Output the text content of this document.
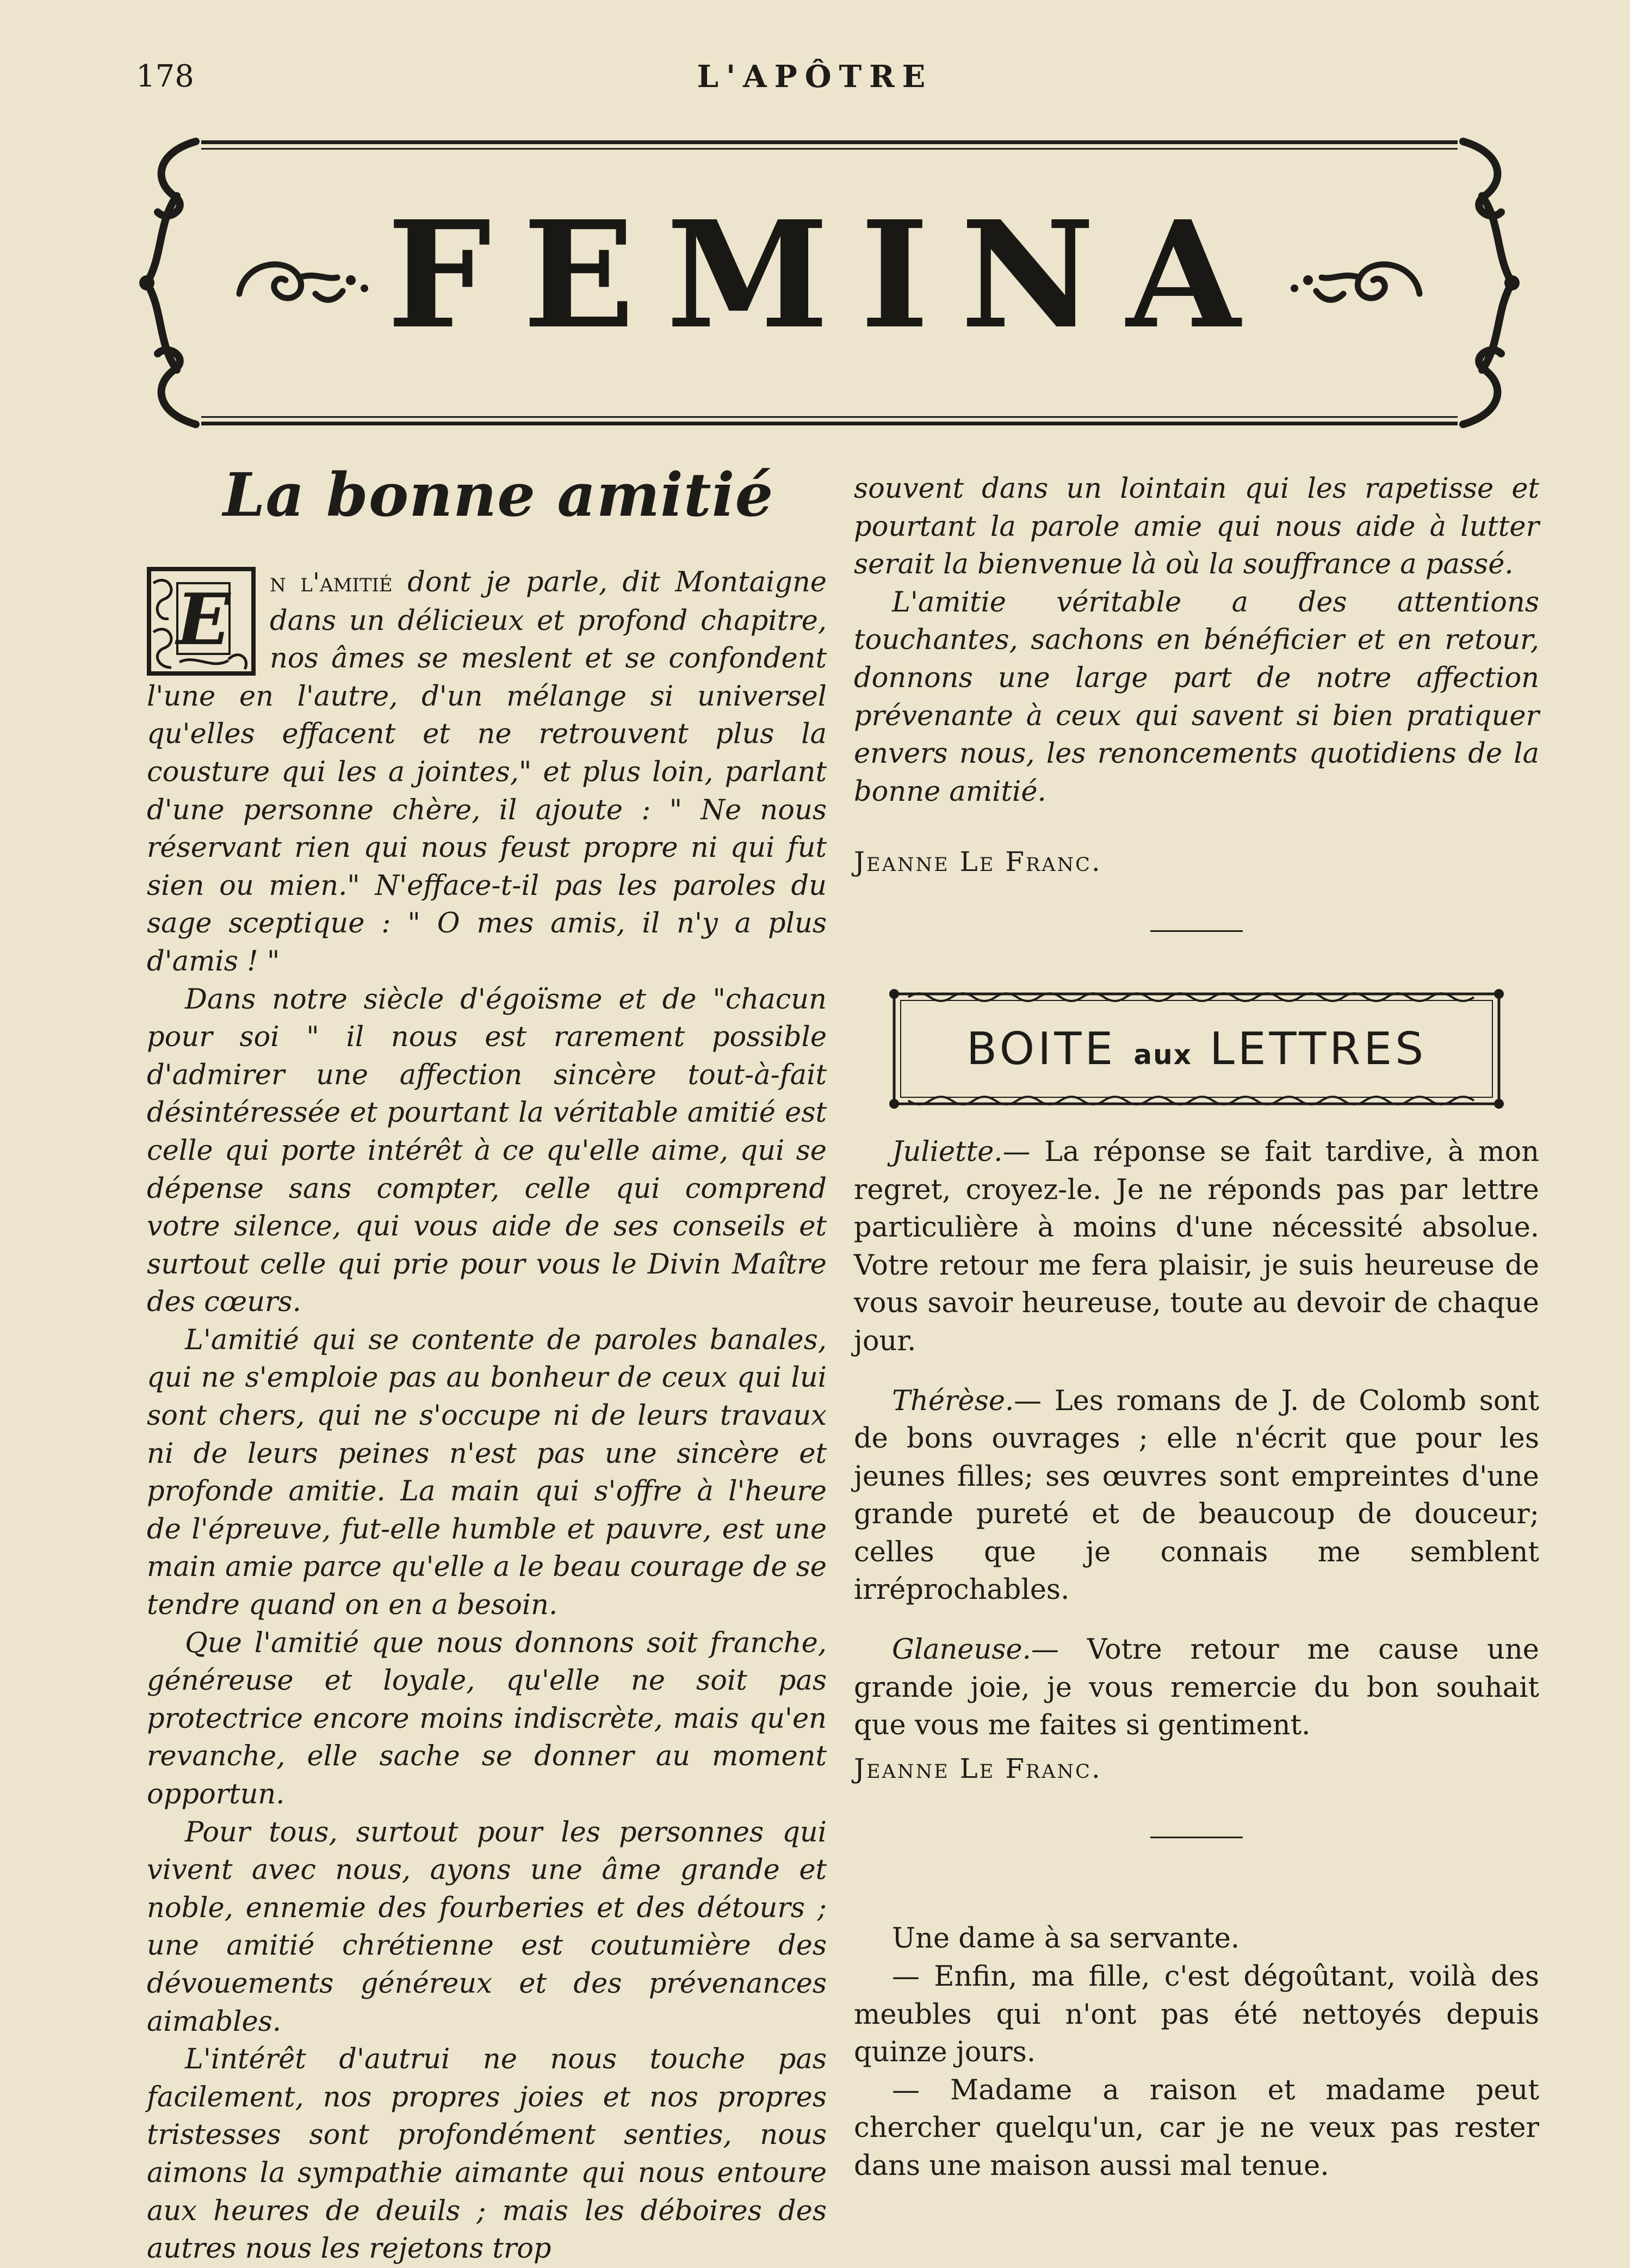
178	L'APÔTRE
FEMINA
La bonne amitié

E n l'amitié dont je parle, dit Montaigne dans un délicieux et profond chapitre, nos âmes se meslent et se confondent l'une en l'autre, d'un mélange si universel qu'elles effacent et ne retrouvent plus la cousture qui les a jointes," et plus loin, parlant d'une personne chère, il ajoute : " Ne nous réservant rien qui nous feust propre ni qui fut sien ou mien." N'efface-t-il pas les paroles du sage sceptique : " O mes amis, il n'y a plus d'amis ! "

Dans notre siècle d'égoïsme et de "chacun pour soi " il nous est rarement possible d'admirer une affection sincère tout-à-fait désintéressée et pourtant la véritable amitié est celle qui porte intérêt à ce qu'elle aime, qui se dépense sans compter, celle qui comprend votre silence, qui vous aide de ses conseils et surtout celle qui prie pour vous le Divin Maître des cœurs.

L'amitié qui se contente de paroles banales, qui ne s'emploie pas au bonheur de ceux qui lui sont chers, qui ne s'occupe ni de leurs travaux ni de leurs peines n'est pas une sincère et profonde amitie. La main qui s'offre à l'heure de l'épreuve, fut-elle humble et pauvre, est une main amie parce qu'elle a le beau courage de se tendre quand on en a besoin.

Que l'amitié que nous donnons soit franche, généreuse et loyale, qu'elle ne soit pas protectrice encore moins indiscrète, mais qu'en revanche, elle sache se donner au moment opportun.

Pour tous, surtout pour les personnes qui vivent avec nous, ayons une âme grande et noble, ennemie des fourberies et des détours ; une amitié chrétienne est coutumière des dévouements généreux et des prévenances aimables.

L'intérêt d'autrui ne nous touche pas facilement, nos propres joies et nos propres tristesses sont profondément senties, nous aimons la sympathie aimante qui nous entoure aux heures de deuils ; mais les déboires des autres nous les rejetons trop

souvent dans un lointain qui les rapetisse et pourtant la parole amie qui nous aide à lutter serait la bienvenue là où la souffrance a passé.

L'amitie véritable a des attentions touchantes, sachons en bénéficier et en retour, donnons une large part de notre affection prévenante à ceux qui savent si bien pratiquer envers nous, les renoncements quotidiens de la bonne amitié.

Jeanne Le Franc.

BOITE aux LETTRES

Juliette.— La réponse se fait tardive, à mon regret, croyez-le. Je ne réponds pas par lettre particulière à moins d'une nécessité absolue. Votre retour me fera plaisir, je suis heureuse de vous savoir heureuse, toute au devoir de chaque jour.

Thérèse.— Les romans de J. de Colomb sont de bons ouvrages ; elle n'écrit que pour les jeunes filles; ses œuvres sont empreintes d'une grande pureté et de beaucoup de douceur; celles que je connais me semblent irréprochables.

Glaneuse.— Votre retour me cause une grande joie, je vous remercie du bon souhait que vous me faites si gentiment.

Jeanne Le Franc.

Une dame à sa servante.

— Enfin, ma fille, c'est dégoûtant, voilà des meubles qui n'ont pas été nettoyés depuis quinze jours.

— Madame a raison et madame peut chercher quelqu'un, car je ne veux pas rester dans une maison aussi mal tenue.
